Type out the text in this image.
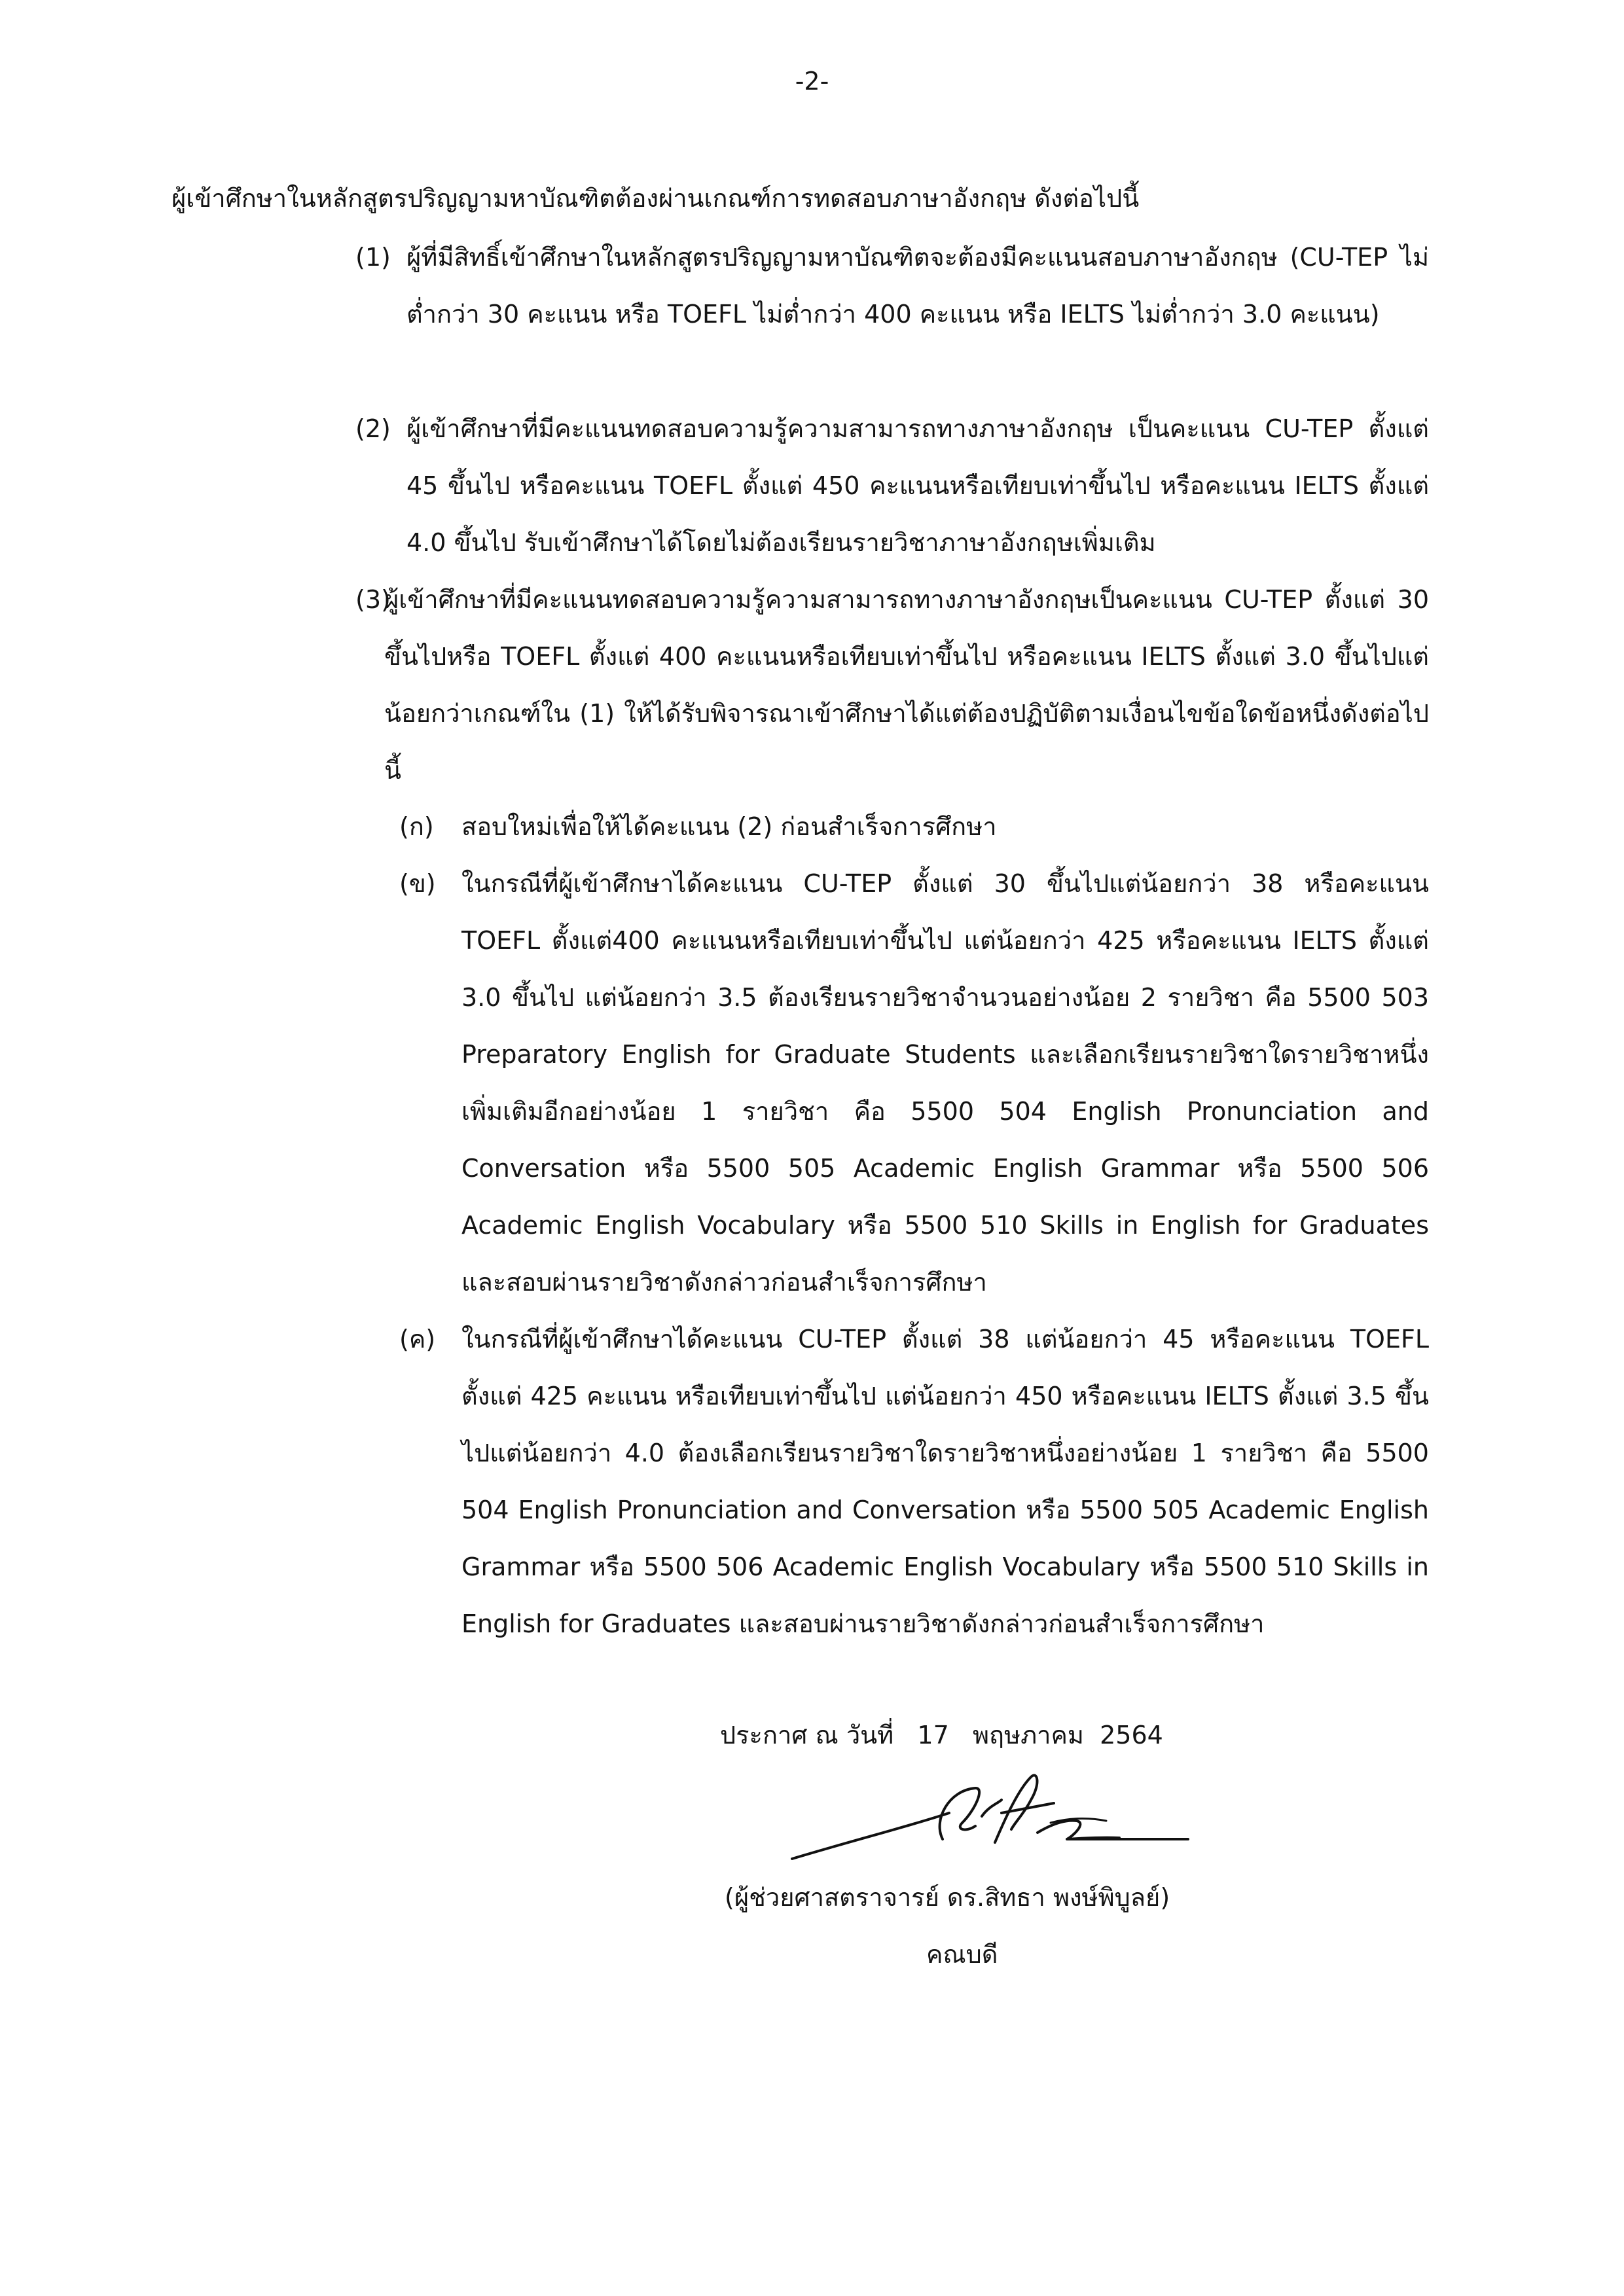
-2-
ผู้เข้าศึกษาในหลักสูตรปริญญามหาบัณฑิตต้องผ่านเกณฑ์การทดสอบภาษาอังกฤษ ดังต่อไปนี้
(1) ผู้ที่มีสิทธิ์เข้าศึกษาในหลักสูตรปริญญามหาบัณฑิตจะต้องมีคะแนนสอบภาษาอังกฤษ (CU-TEP ไม่ต่ำกว่า 30 คะแนน หรือ TOEFL ไม่ต่ำกว่า 400 คะแนน หรือ IELTS ไม่ต่ำกว่า 3.0 คะแนน)
(2) ผู้เข้าศึกษาที่มีคะแนนทดสอบความรู้ความสามารถทางภาษาอังกฤษ เป็นคะแนน CU-TEP ตั้งแต่ 45 ขึ้นไป หรือคะแนน TOEFL ตั้งแต่ 450 คะแนนหรือเทียบเท่าขึ้นไป หรือคะแนน IELTS ตั้งแต่ 4.0 ขึ้นไป รับเข้าศึกษาได้โดยไม่ต้องเรียนรายวิชาภาษาอังกฤษเพิ่มเติม
(3)
ผู้เข้าศึกษาที่มีคะแนนทดสอบความรู้ความสามารถทางภาษาอังกฤษเป็นคะแนน CU-TEP ตั้งแต่ 30 ขึ้นไปหรือ TOEFL ตั้งแต่ 400 คะแนนหรือเทียบเท่าขึ้นไป หรือคะแนน IELTS ตั้งแต่ 3.0 ขึ้นไปแต่น้อยกว่าเกณฑ์ใน (1) ให้ได้รับพิจารณาเข้าศึกษาได้แต่ต้องปฏิบัติตามเงื่อนไขข้อใดข้อหนึ่งดังต่อไปนี้
(ก) สอบใหม่เพื่อให้ได้คะแนน (2) ก่อนสำเร็จการศึกษา
(ข) ในกรณีที่ผู้เข้าศึกษาได้คะแนน CU-TEP ตั้งแต่ 30 ขึ้นไปแต่น้อยกว่า 38 หรือคะแนน TOEFL ตั้งแต่400 คะแนนหรือเทียบเท่าขึ้นไป แต่น้อยกว่า 425 หรือคะแนน IELTS ตั้งแต่ 3.0 ขึ้นไป แต่น้อยกว่า 3.5 ต้องเรียนรายวิชาจำนวนอย่างน้อย 2 รายวิชา คือ 5500 503 Preparatory English for Graduate Students และเลือกเรียนรายวิชาใดรายวิชาหนึ่งเพิ่มเติมอีกอย่างน้อย 1 รายวิชา คือ 5500 504 English Pronunciation and Conversation หรือ 5500 505 Academic English Grammar หรือ 5500 506 Academic English Vocabulary หรือ 5500 510 Skills in English for Graduates และสอบผ่านรายวิชาดังกล่าวก่อนสำเร็จการศึกษา
(ค) ในกรณีที่ผู้เข้าศึกษาได้คะแนน CU-TEP ตั้งแต่ 38 แต่น้อยกว่า 45 หรือคะแนน TOEFL ตั้งแต่ 425 คะแนน หรือเทียบเท่าขึ้นไป แต่น้อยกว่า 450 หรือคะแนน IELTS ตั้งแต่ 3.5 ขึ้นไปแต่น้อยกว่า 4.0 ต้องเลือกเรียนรายวิชาใดรายวิชาหนึ่งอย่างน้อย 1 รายวิชา คือ 5500 504 English Pronunciation and Conversation หรือ 5500 505 Academic English Grammar หรือ 5500 506 Academic English Vocabulary หรือ 5500 510 Skills in English for Graduates และสอบผ่านรายวิชาดังกล่าวก่อนสำเร็จการศึกษา
ประกาศ ณ วันที่   17   พฤษภาคม  2564
(ผู้ช่วยศาสตราจารย์ ดร.สิทธา พงษ์พิบูลย์)
คณบดี
